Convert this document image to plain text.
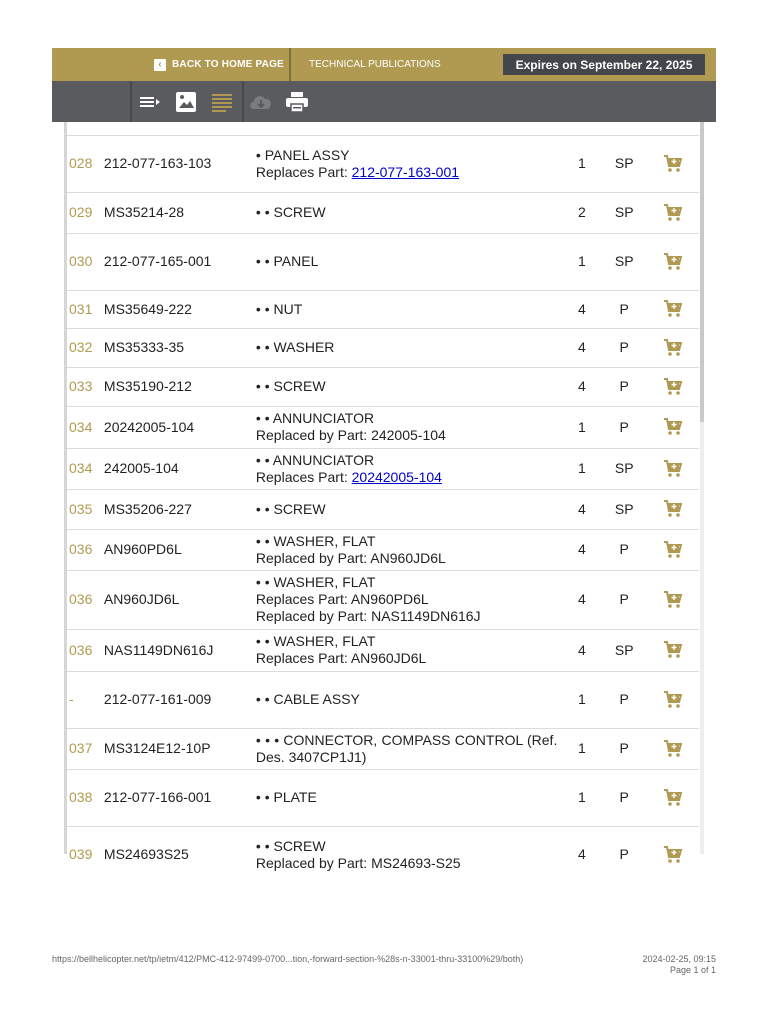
‹	BACK TO HOME PAGE	TECHNICAL PUBLICATIONS	Expires on September 22, 2025

028	212-077-163-103	• PANEL ASSY
Replaces Part: 212-077-163-001	1	SP	

029	MS35214-28	• • SCREW	2	SP	

030	212-077-165-001	• • PANEL	1	SP	

031	MS35649-222	• • NUT	4	P	

032	MS35333-35	• • WASHER	4	P	

033	MS35190-212	• • SCREW	4	P	

034	20242005-104	• • ANNUNCIATOR
Replaced by Part: 242005-104	1	P	

034	242005-104	• • ANNUNCIATOR
Replaces Part: 20242005-104	1	SP	

035	MS35206-227	• • SCREW	4	SP	

036	AN960PD6L	• • WASHER, FLAT
Replaced by Part: AN960JD6L	4	P	

036	AN960JD6L	• • WASHER, FLAT
Replaces Part: AN960PD6L
Replaced by Part: NAS1149DN616J	4	P	

036	NAS1149DN616J	• • WASHER, FLAT
Replaces Part: AN960JD6L	4	SP	

-	212-077-161-009	• • CABLE ASSY	1	P	

037	MS3124E12-10P	• • • CONNECTOR, COMPASS CONTROL (Ref. Des. 3407CP1J1)	1	P	

038	212-077-166-001	• • PLATE	1	P	

039	MS24693S25	• • SCREW
Replaced by Part: MS24693-S25	4	P	
https://bellhelicopter.net/tp/ietm/412/PMC-412-97499-0700...tion,-forward-section-%28s-n-33001-thru-33100%29/both)	2024-02-25, 09:15
Page 1 of 1
